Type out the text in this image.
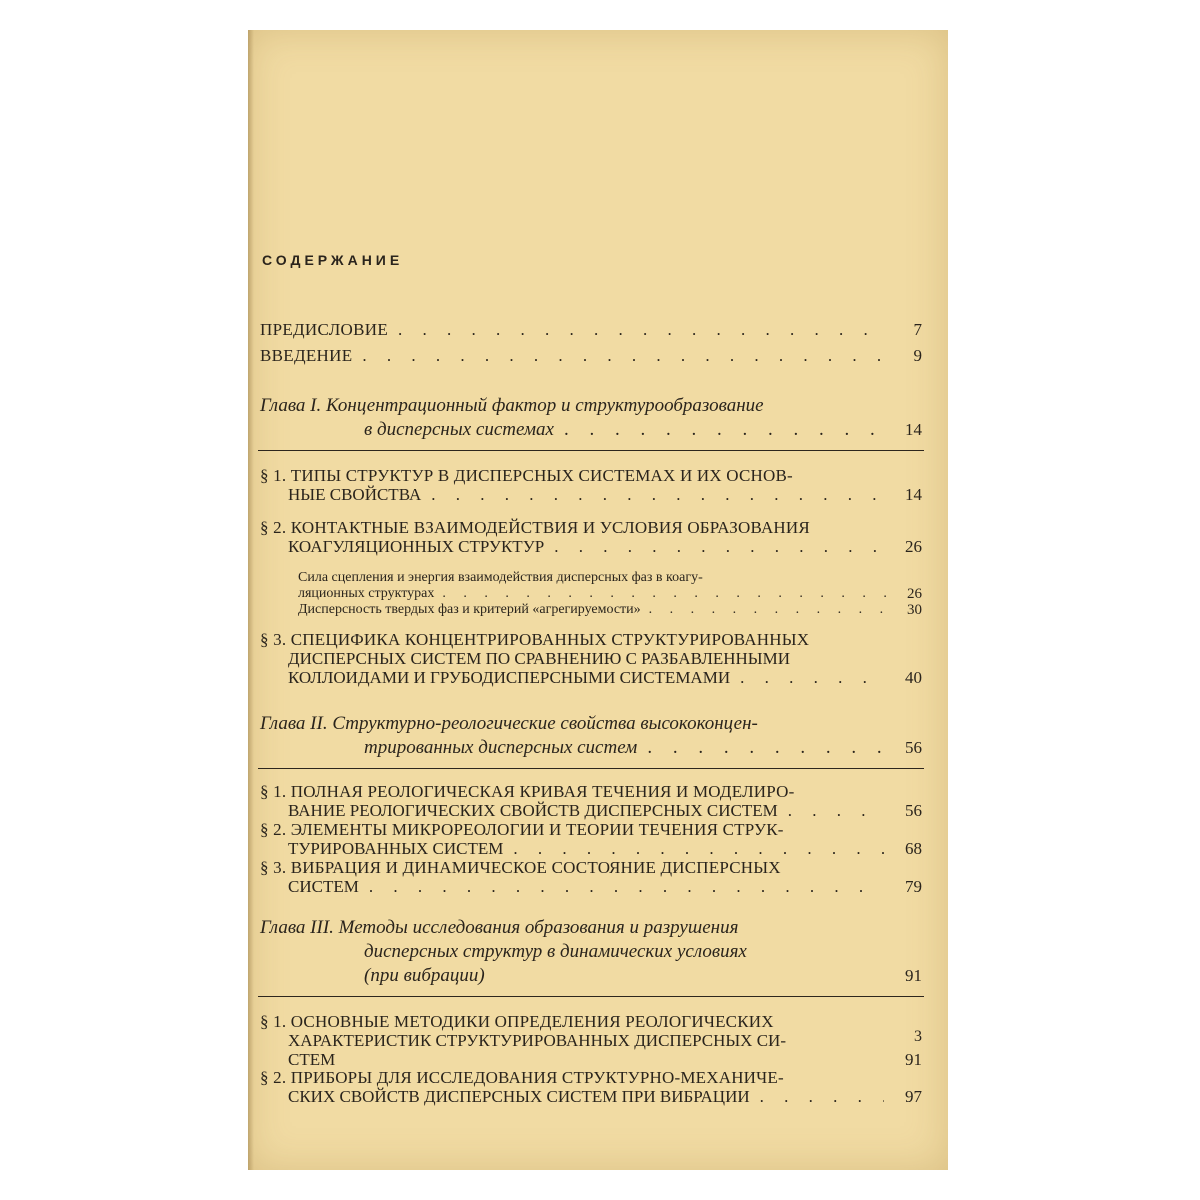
СОДЕРЖАНИЕ
ПРЕДИСЛОВИЕ . . .	7
ВВЕДЕНИЕ . . .	9
Глава I. Концентрационный фактор и структурообразование
в дисперсных системах . . .	14
§ 1. ТИПЫ СТРУКТУР В ДИСПЕРСНЫХ СИСТЕМАХ И ИХ ОСНОВ-
НЫЕ СВОЙСТВА . . .	14
§ 2. КОНТАКТНЫЕ ВЗАИМОДЕЙСТВИЯ И УСЛОВИЯ ОБРАЗОВАНИЯ
КОАГУЛЯЦИОННЫХ СТРУКТУР . . .	26
Сила сцепления и энергия взаимодействия дисперсных фаз в коагу-
ляционных структурах . . .	26
Дисперсность твердых фаз и критерий «агрегируемости» . . .	30
§ 3. СПЕЦИФИКА КОНЦЕНТРИРОВАННЫХ СТРУКТУРИРОВАННЫХ
ДИСПЕРСНЫХ СИСТЕМ ПО СРАВНЕНИЮ С РАЗБАВЛЕННЫМИ
КОЛЛОИДАМИ И ГРУБОДИСПЕРСНЫМИ СИСТЕМАМИ . . .	40
Глава II. Структурно-реологические свойства высококонцен-
трированных дисперсных систем . . .	56
§ 1. ПОЛНАЯ РЕОЛОГИЧЕСКАЯ КРИВАЯ ТЕЧЕНИЯ И МОДЕЛИРО-
ВАНИЕ РЕОЛОГИЧЕСКИХ СВОЙСТВ ДИСПЕРСНЫХ СИСТЕМ . . .	56
§ 2. ЭЛЕМЕНТЫ МИКРОРЕОЛОГИИ И ТЕОРИИ ТЕЧЕНИЯ СТРУК-
ТУРИРОВАННЫХ СИСТЕМ . . .	68
§ 3. ВИБРАЦИЯ И ДИНАМИЧЕСКОЕ СОСТОЯНИЕ ДИСПЕРСНЫХ
СИСТЕМ . . .	79
Глава III. Методы исследования образования и разрушения
дисперсных структур в динамических условиях
(при вибрации)	91
§ 1. ОСНОВНЫЕ МЕТОДИКИ ОПРЕДЕЛЕНИЯ РЕОЛОГИЧЕСКИХ
ХАРАКТЕРИСТИК СТРУКТУРИРОВАННЫХ ДИСПЕРСНЫХ СИ-
СТЕМ	91
§ 2. ПРИБОРЫ ДЛЯ ИССЛЕДОВАНИЯ СТРУКТУРНО-МЕХАНИЧЕ-
СКИХ СВОЙСТВ ДИСПЕРСНЫХ СИСТЕМ ПРИ ВИБРАЦИИ . . .	97
3
